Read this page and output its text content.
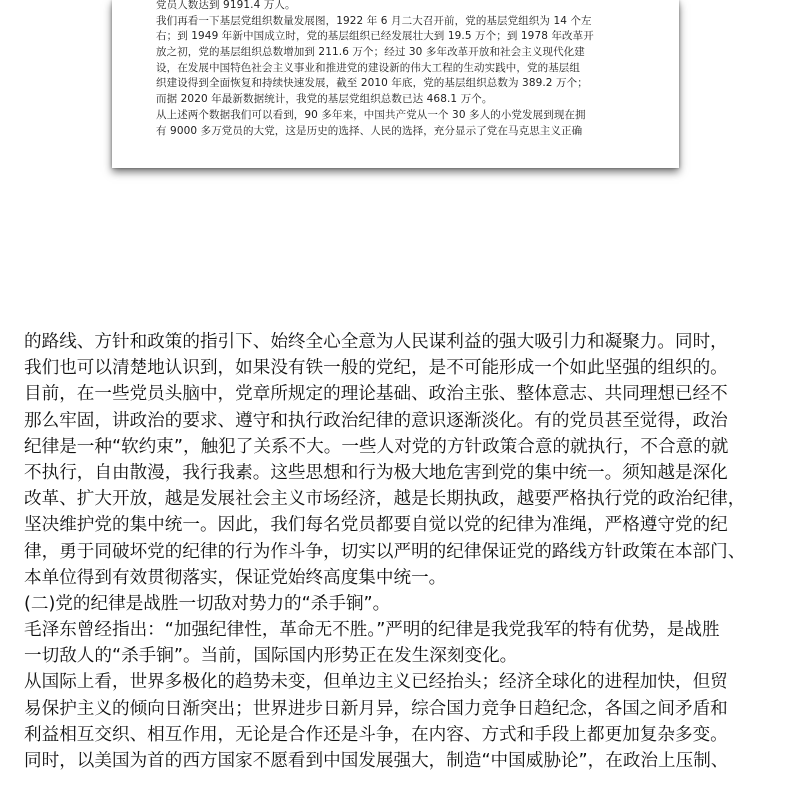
党员人数达到 9191.4 万人。
我们再看一下基层党组织数量发展图，1922 年 6 月二大召开前，党的基层党组织为 14 个左
右；到 1949 年新中国成立时，党的基层组织已经发展壮大到 19.5 万个；到 1978 年改革开
放之初，党的基层组织总数增加到 211.6 万个；经过 30 多年改革开放和社会主义现代化建
设，在发展中国特色社会主义事业和推进党的建设新的伟大工程的生动实践中，党的基层组
织建设得到全面恢复和持续快速发展，截至 2010 年底，党的基层组织总数为 389.2 万个；
而据 2020 年最新数据统计，我党的基层党组织总数已达 468.1 万个。
从上述两个数据我们可以看到，90 多年来，中国共产党从一个 30 多人的小党发展到现在拥
有 9000 多万党员的大党，这是历史的选择、人民的选择，充分显示了党在马克思主义正确
的路线、方针和政策的指引下、始终全心全意为人民谋利益的强大吸引力和凝聚力。同时，
我们也可以清楚地认识到，如果没有铁一般的党纪，是不可能形成一个如此坚强的组织的。
目前，在一些党员头脑中，党章所规定的理论基础、政治主张、整体意志、共同理想已经不
那么牢固，讲政治的要求、遵守和执行政治纪律的意识逐渐淡化。有的党员甚至觉得，政治
纪律是一种“软约束”，触犯了关系不大。一些人对党的方针政策合意的就执行，不合意的就
不执行，自由散漫，我行我素。这些思想和行为极大地危害到党的集中统一。须知越是深化
改革、扩大开放，越是发展社会主义市场经济，越是长期执政，越要严格执行党的政治纪律，
坚决维护党的集中统一。因此，我们每名党员都要自觉以党的纪律为准绳，严格遵守党的纪
律，勇于同破坏党的纪律的行为作斗争，切实以严明的纪律保证党的路线方针政策在本部门、
本单位得到有效贯彻落实，保证党始终高度集中统一。
(二)党的纪律是战胜一切敌对势力的“杀手锏”。
毛泽东曾经指出：“加强纪律性，革命无不胜。”严明的纪律是我党我军的特有优势，是战胜
一切敌人的“杀手锏”。当前，国际国内形势正在发生深刻变化。
从国际上看，世界多极化的趋势未变，但单边主义已经抬头；经济全球化的进程加快，但贸
易保护主义的倾向日渐突出；世界进步日新月异，综合国力竞争日趋纪念，各国之间矛盾和
利益相互交织、相互作用，无论是合作还是斗争，在内容、方式和手段上都更加复杂多变。
同时，以美国为首的西方国家不愿看到中国发展强大，制造“中国威胁论”，在政治上压制、
